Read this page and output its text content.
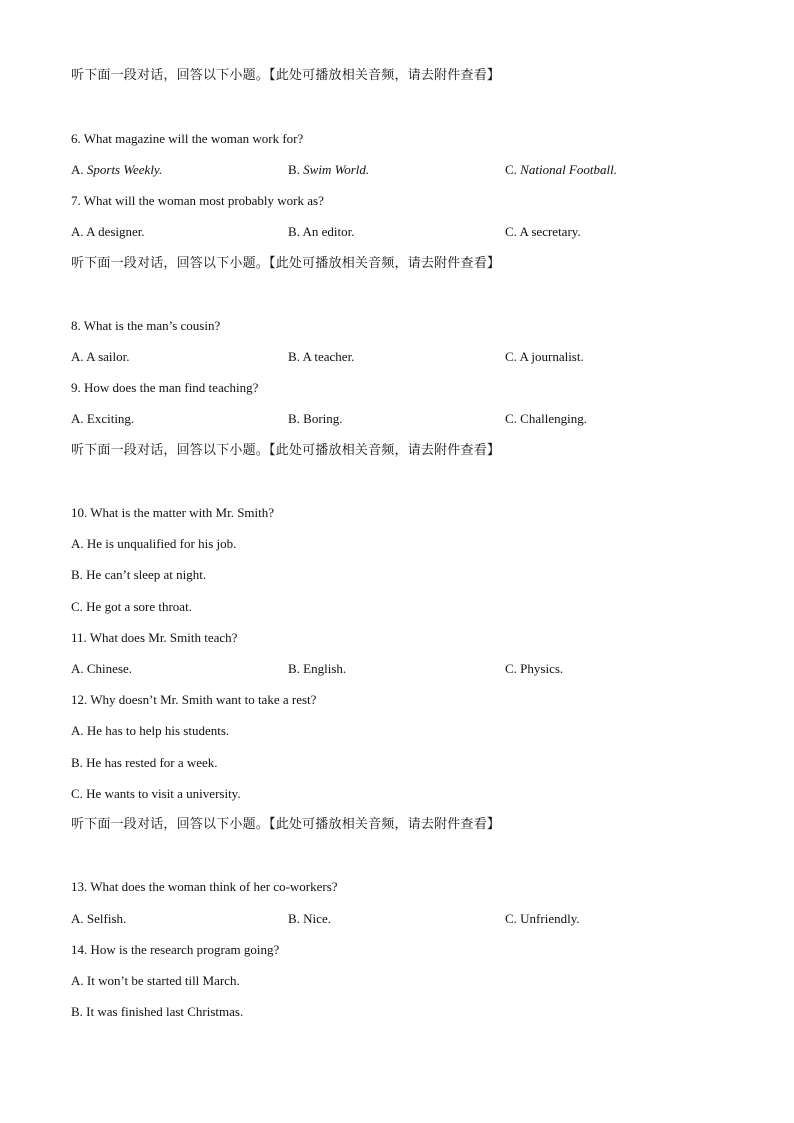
听下面一段对话，回答以下小题。【此处可播放相关音频，请去附件查看】
6. What magazine will the woman work for?
A. Sports Weekly.	B. Swim World.	C. National Football.
7. What will the woman most probably work as?
A. A designer.	B. An editor.	C. A secretary.
听下面一段对话，回答以下小题。【此处可播放相关音频，请去附件查看】
8. What is the man’s cousin?
A. A sailor.	B. A teacher.	C. A journalist.
9. How does the man find teaching?
A. Exciting.	B. Boring.	C. Challenging.
听下面一段对话，回答以下小题。【此处可播放相关音频，请去附件查看】
10. What is the matter with Mr. Smith?
A. He is unqualified for his job.
B. He can’t sleep at night.
C. He got a sore throat.
11. What does Mr. Smith teach?
A. Chinese.	B. English.	C. Physics.
12. Why doesn’t Mr. Smith want to take a rest?
A. He has to help his students.
B. He has rested for a week.
C. He wants to visit a university.
听下面一段对话，回答以下小题。【此处可播放相关音频，请去附件查看】
13. What does the woman think of her co-workers?
A. Selfish.	B. Nice.	C. Unfriendly.
14. How is the research program going?
A. It won’t be started till March.
B. It was finished last Christmas.
